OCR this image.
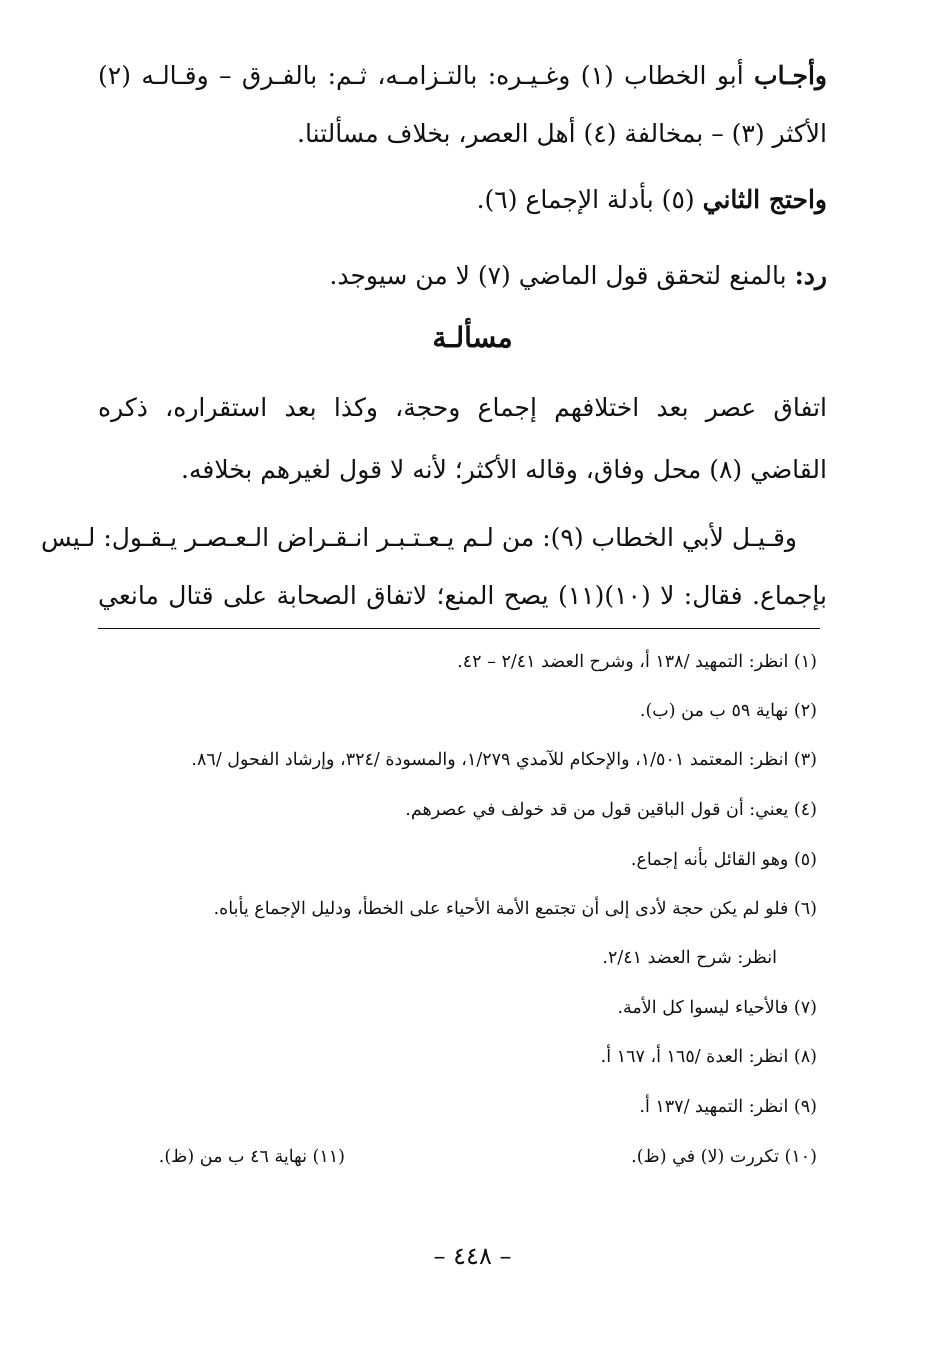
وأجـاب أبو الخطاب (١) وغـيـره: بالتـزامـه، ثـم: بالفـرق – وقـالـه (٢)
الأكثر (٣) – بمخالفة (٤) أهل العصر، بخلاف مسألتنا.
واحتج الثاني (٥) بأدلة الإجماع (٦).
رد: بالمنع لتحقق قول الماضي (٧) لا من سيوجد.
مسألـة
اتفاق عصر بعد اختلافهم إجماع وحجة، وكذا بعد استقراره، ذكره
القاضي (٨) محل وفاق، وقاله الأكثر؛ لأنه لا قول لغيرهم بخلافه.
وقـيـل لأبي الخطاب (٩): من لـم يـعـتـبـر انـقـراض الـعـصـر يـقـول: لـيس
بإجماع. فقال: لا (١٠)(١١) يصح المنع؛ لاتفاق الصحابة على قتال مانعي
(١) انظر: التمهيد /١٣٨ أ، وشرح العضد ٢/٤١ – ٤٢.
(٢) نهاية ٥٩ ب من (ب).
(٣) انظر: المعتمد ١/٥٠١، والإحكام للآمدي ١/٢٧٩، والمسودة /٣٢٤، وإرشاد الفحول /٨٦.
(٤) يعني: أن قول الباقين قول من قد خولف في عصرهم.
(٥) وهو القائل بأنه إجماع.
(٦) فلو لم يكن حجة لأدى إلى أن تجتمع الأمة الأحياء على الخطأ، ودليل الإجماع يأباه.
انظر: شرح العضد ٢/٤١.
(٧) فالأحياء ليسوا كل الأمة.
(٨) انظر: العدة /١٦٥ أ، ١٦٧ أ.
(٩) انظر: التمهيد /١٣٧ أ.
(١٠) تكررت (لا) في (ظ).
(١١) نهاية ٤٦ ب من (ظ).
– ٤٤٨ –
